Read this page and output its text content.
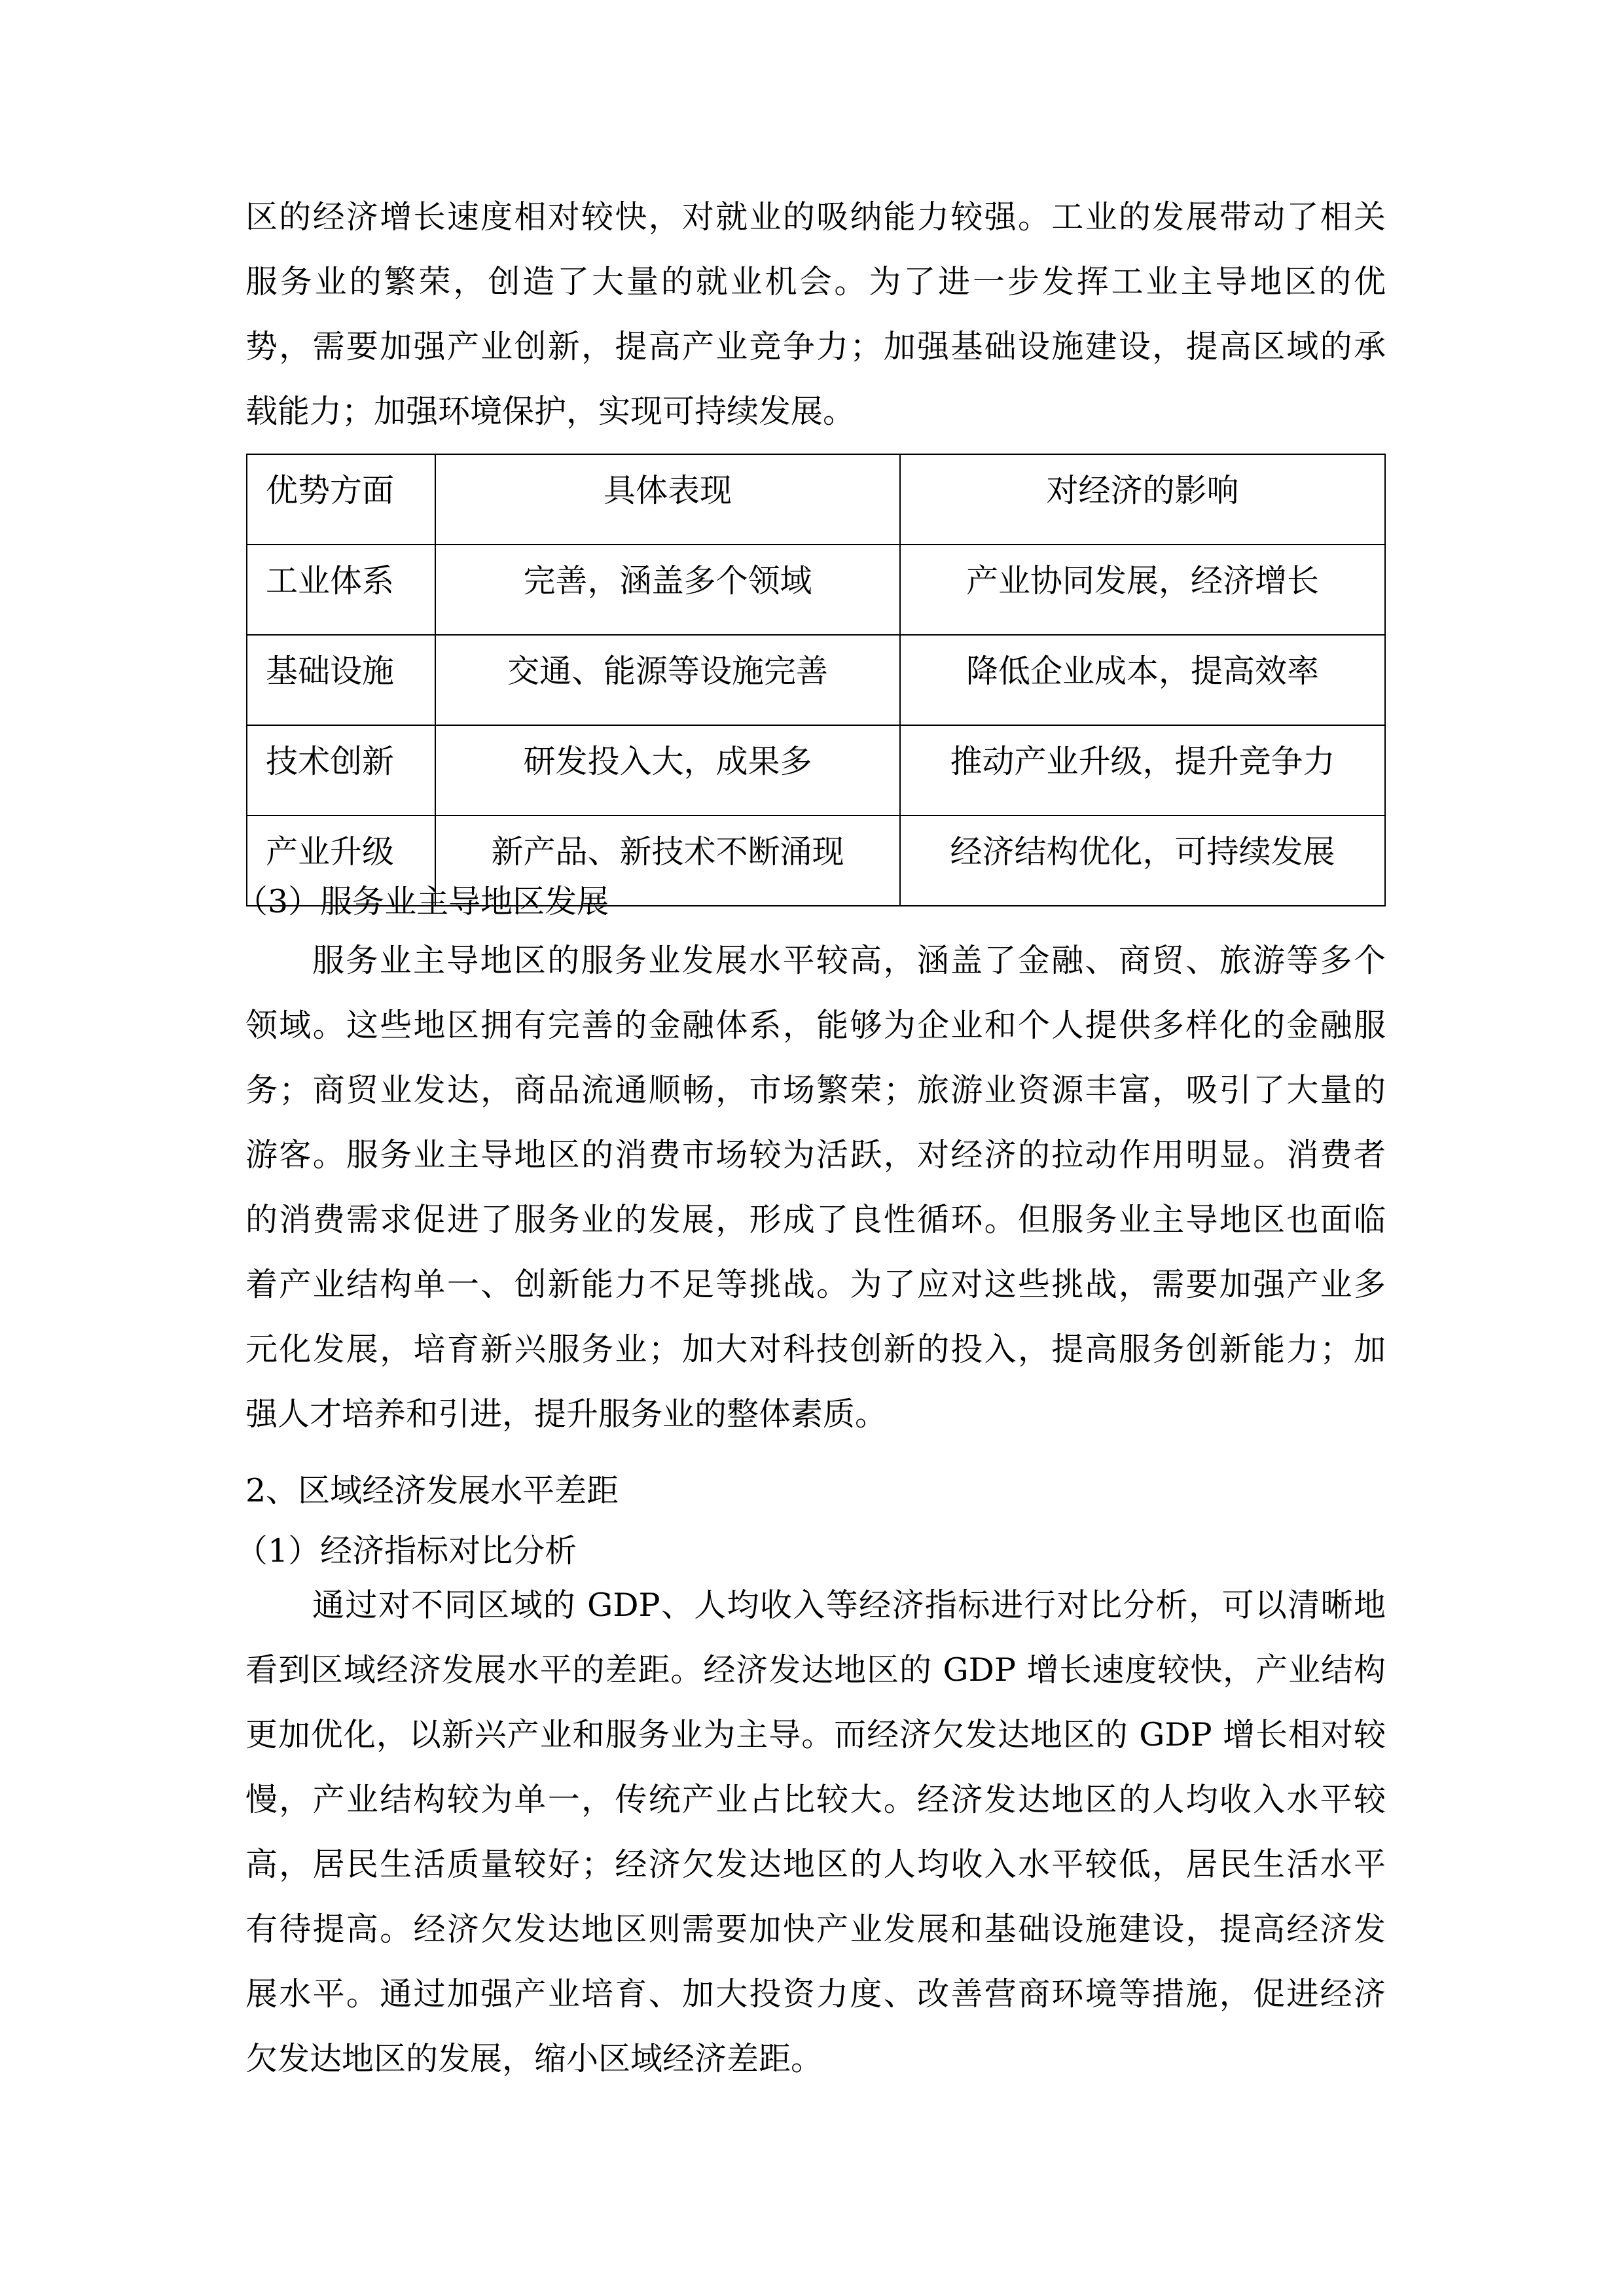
区的经济增长速度相对较快，对就业的吸纳能力较强。工业的发展带动了相关
服务业的繁荣，创造了大量的就业机会。为了进一步发挥工业主导地区的优
势，需要加强产业创新，提高产业竞争力；加强基础设施建设，提高区域的承
载能力；加强环境保护，实现可持续发展。
优势方面	具体表现	对经济的影响
工业体系	完善，涵盖多个领域	产业协同发展，经济增长
基础设施	交通、能源等设施完善	降低企业成本，提高效率
技术创新	研发投入大，成果多	推动产业升级，提升竞争力
产业升级	新产品、新技术不断涌现	经济结构优化，可持续发展
（3）服务业主导地区发展
服务业主导地区的服务业发展水平较高，涵盖了金融、商贸、旅游等多个
领域。这些地区拥有完善的金融体系，能够为企业和个人提供多样化的金融服
务；商贸业发达，商品流通顺畅，市场繁荣；旅游业资源丰富，吸引了大量的
游客。服务业主导地区的消费市场较为活跃，对经济的拉动作用明显。消费者
的消费需求促进了服务业的发展，形成了良性循环。但服务业主导地区也面临
着产业结构单一、创新能力不足等挑战。为了应对这些挑战，需要加强产业多
元化发展，培育新兴服务业；加大对科技创新的投入，提高服务创新能力；加
强人才培养和引进，提升服务业的整体素质。
2、区域经济发展水平差距
（1）经济指标对比分析
通过对不同区域的 GDP、人均收入等经济指标进行对比分析，可以清晰地
看到区域经济发展水平的差距。经济发达地区的 GDP 增长速度较快，产业结构
更加优化，以新兴产业和服务业为主导。而经济欠发达地区的 GDP 增长相对较
慢，产业结构较为单一，传统产业占比较大。经济发达地区的人均收入水平较
高，居民生活质量较好；经济欠发达地区的人均收入水平较低，居民生活水平
有待提高。经济欠发达地区则需要加快产业发展和基础设施建设，提高经济发
展水平。通过加强产业培育、加大投资力度、改善营商环境等措施，促进经济
欠发达地区的发展，缩小区域经济差距。
